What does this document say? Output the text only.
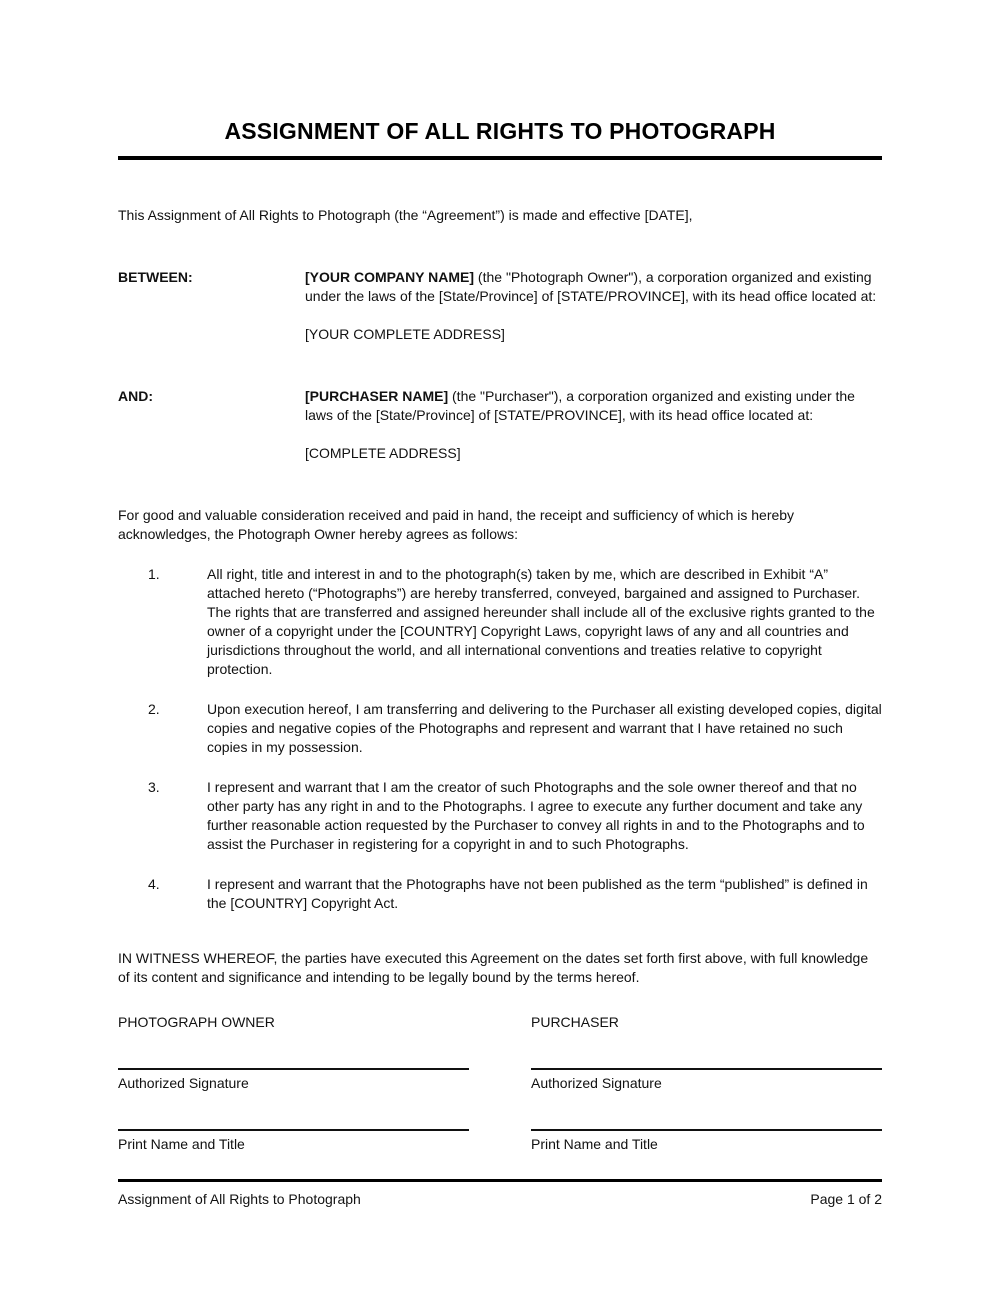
ASSIGNMENT OF ALL RIGHTS TO PHOTOGRAPH

This Assignment of All Rights to Photograph (the “Agreement”) is made and effective [DATE],

BETWEEN:	[YOUR COMPANY NAME] (the "Photograph Owner"), a corporation organized and existing under the laws of the [State/Province] of [STATE/PROVINCE], with its head office located at:

[YOUR COMPLETE ADDRESS]

AND:	[PURCHASER NAME] (the "Purchaser"), a corporation organized and existing under the laws of the [State/Province] of [STATE/PROVINCE], with its head office located at:

[COMPLETE ADDRESS]

For good and valuable consideration received and paid in hand, the receipt and sufficiency of which is hereby acknowledges, the Photograph Owner hereby agrees as follows:

1.	All right, title and interest in and to the photograph(s) taken by me, which are described in Exhibit “A” attached hereto (“Photographs”) are hereby transferred, conveyed, bargained and assigned to Purchaser. The rights that are transferred and assigned hereunder shall include all of the exclusive rights granted to the owner of a copyright under the [COUNTRY] Copyright Laws, copyright laws of any and all countries and jurisdictions throughout the world, and all international conventions and treaties relative to copyright protection.
2.	Upon execution hereof, I am transferring and delivering to the Purchaser all existing developed copies, digital copies and negative copies of the Photographs and represent and warrant that I have retained no such copies in my possession.
3.	I represent and warrant that I am the creator of such Photographs and the sole owner thereof and that no other party has any right in and to the Photographs. I agree to execute any further document and take any further reasonable action requested by the Purchaser to convey all rights in and to the Photographs and to assist the Purchaser in registering for a copyright in and to such Photographs.
4.	I represent and warrant that the Photographs have not been published as the term “published” is defined in the [COUNTRY] Copyright Act.

IN WITNESS WHEREOF, the parties have executed this Agreement on the dates set forth first above, with full knowledge of its content and significance and intending to be legally bound by the terms hereof.

PHOTOGRAPH OWNER
Authorized Signature
Print Name and Title
PURCHASER
Authorized Signature
Print Name and Title
Assignment of All Rights to Photograph	Page 1 of 2
